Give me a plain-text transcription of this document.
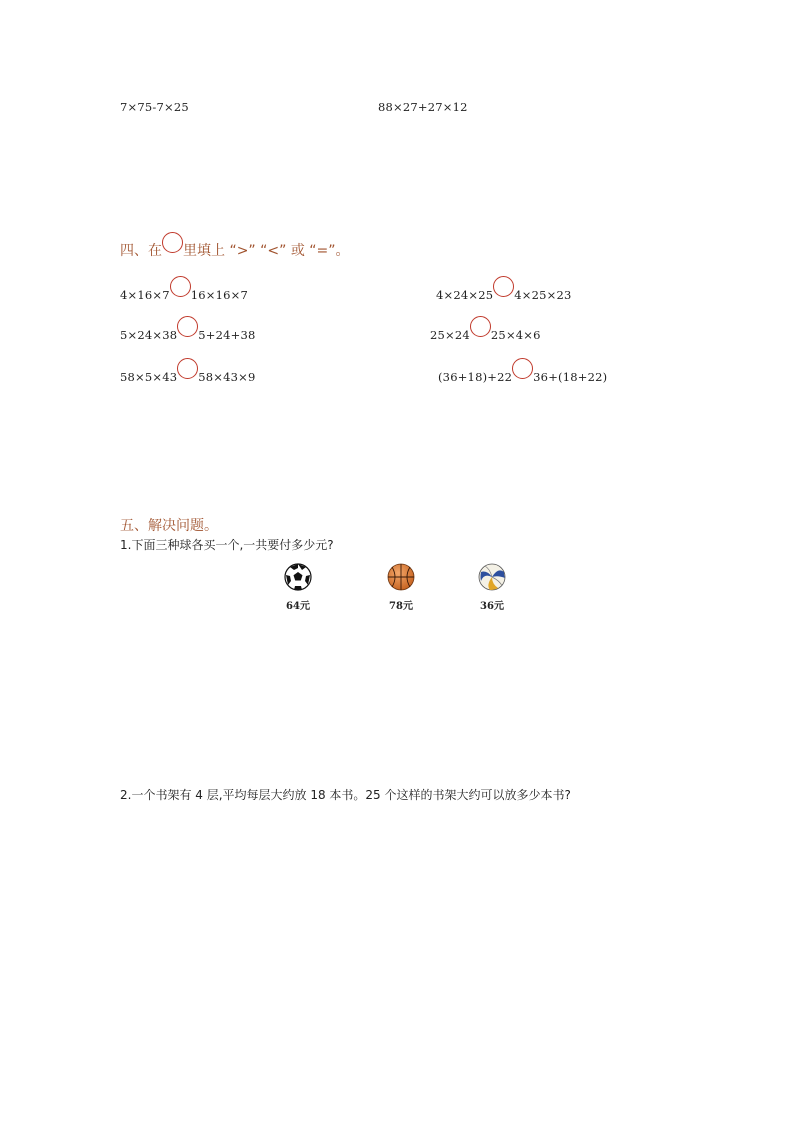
7×75-7×25	88×27+27×12
四、在 里填上 “>” “<” 或 “=”。
4×16×7 16×16×7	4×24×25 4×25×23
5×24×38 5+24+38	25×24 25×4×6
58×5×43 58×43×9	(36+18)+22 36+(18+22)
五、解决问题。
1.下面三种球各买一个,一共要付多少元?
64元	78元	36元
2.一个书架有 4 层,平均每层大约放 18 本书。25 个这样的书架大约可以放多少本书?
